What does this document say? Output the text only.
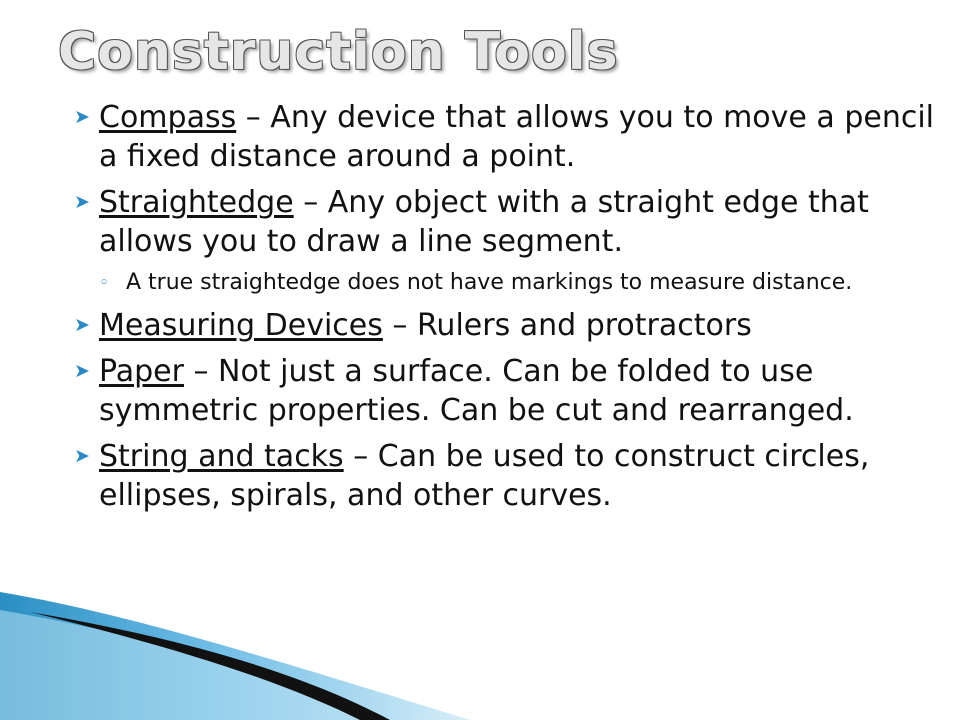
Construction Tools
➤ Compass – Any device that allows you to move a pencil a fixed distance around a point.
➤ Straightedge – Any object with a straight edge that allows you to draw a line segment.
◦ A true straightedge does not have markings to measure distance.
➤ Measuring Devices – Rulers and protractors
➤ Paper – Not just a surface. Can be folded to use symmetric properties. Can be cut and rearranged.
➤ String and tacks – Can be used to construct circles, ellipses, spirals, and other curves.
